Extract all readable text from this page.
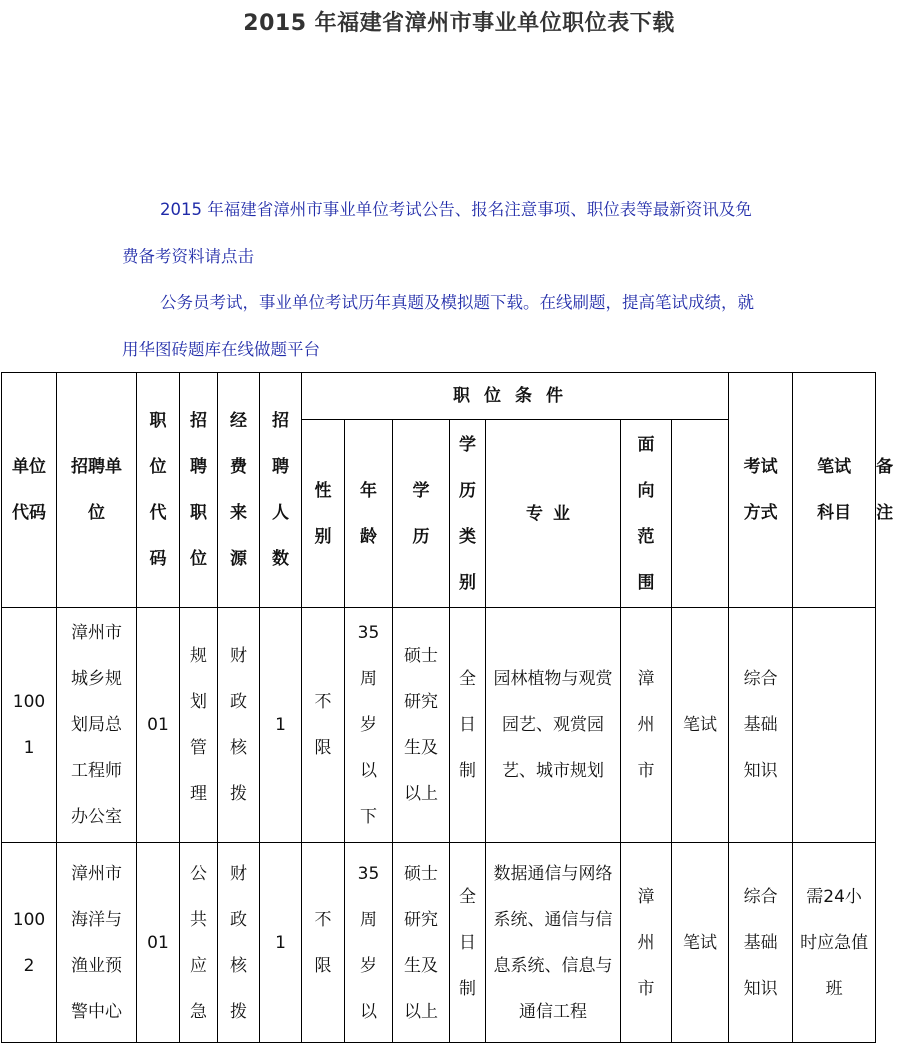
2015 年福建省漳州市事业单位职位表下载
2015 年福建省漳州市事业单位考试公告、报名注意事项、职位表等最新资讯及免费备考资料请点击
公务员考试，事业单位考试历年真题及模拟题下载。在线刷题，提高笔试成绩，就用华图砖题库在线做题平台
单位代码	招聘单位	职位代码	招聘职位	经费来源	招聘人数	职位条件							考试方式	笔试科目	备 注
						性别	年龄	学历	学历类别	专业	面向范围				
1001	漳州市城乡规划局总工程师办公室	01	规划管理	财政核拨	1	不限	35周岁以下	硕士研究生及以上	全日制	园林植物与观赏园艺、观赏园艺、城市规划	漳州市	笔试	综合基础知识		
1002	漳州市海洋与渔业预警中心	01	公共应急	财政核拨	1	不限	35周岁以	硕士研究生及以上	全日制	数据通信与网络系统、通信与信息系统、信息与通信工程	漳州市	笔试	综合基础知识	需24小时应急值班	
